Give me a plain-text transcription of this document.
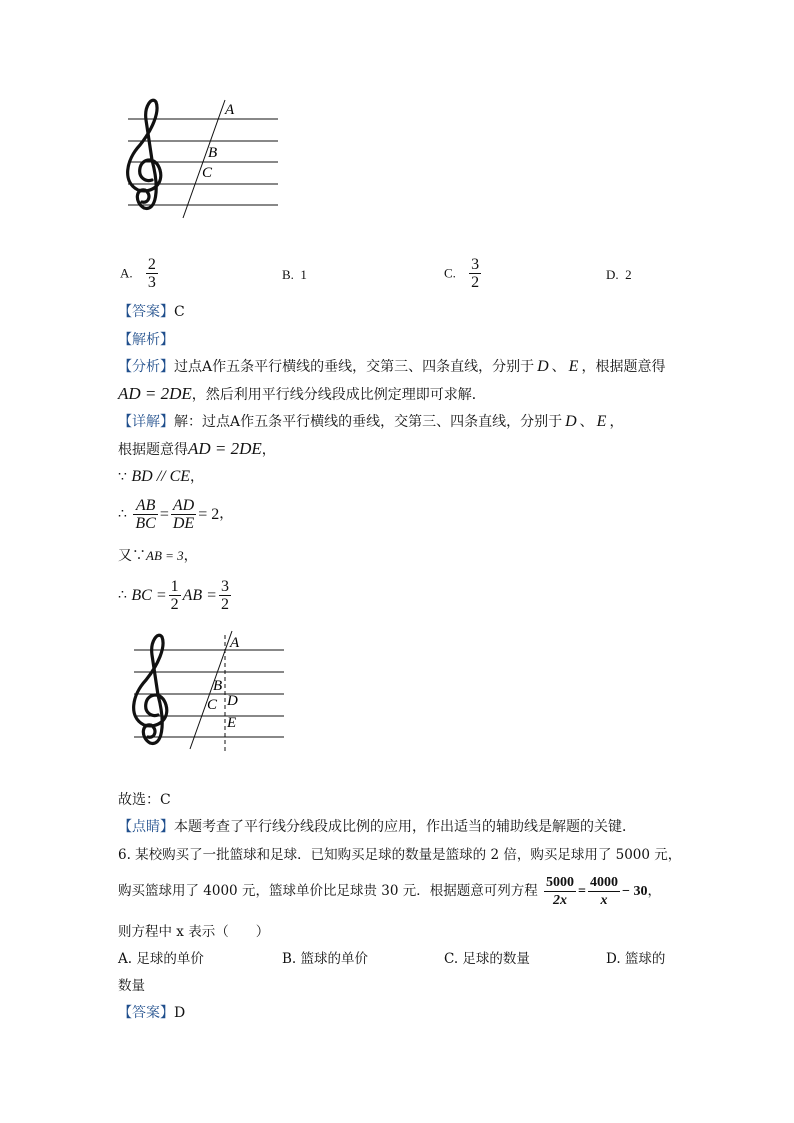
A
B
C
A. $\frac{2}{3}$	B. 1	C. $\frac{3}{2}$	D. 2
【答案】C
【解析】
【分析】过点A作五条平行横线的垂线，交第三、四条直线，分别于 D 、 E ，根据题意得
AD = 2DE，然后利用平行线分线段成比例定理即可求解．
【详解】解：过点A作五条平行横线的垂线，交第三、四条直线，分别于 D 、 E ，
根据题意得AD = 2DE，
∵ BD // CE，
∴ $\frac{AB}{BC} = \frac{AD}{DE} = 2$，
又∵AB = 3，
∴ BC = $\frac{1}{2}$ AB = $\frac{3}{2}$
A
B
D
C
E
故选：C
【点睛】本题考查了平行线分线段成比例的应用，作出适当的辅助线是解题的关键．
6. 某校购买了一批篮球和足球．已知购买足球的数量是篮球的 2 倍，购买足球用了 5000 元，
购买篮球用了 4000 元，篮球单价比足球贵 30 元．根据题意可列方程 $\frac{5000}{2x} = \frac{4000}{x} - 30$，
则方程中 x 表示（　　）
A. 足球的单价	B. 篮球的单价	C. 足球的数量	D. 篮球的
数量
【答案】D
